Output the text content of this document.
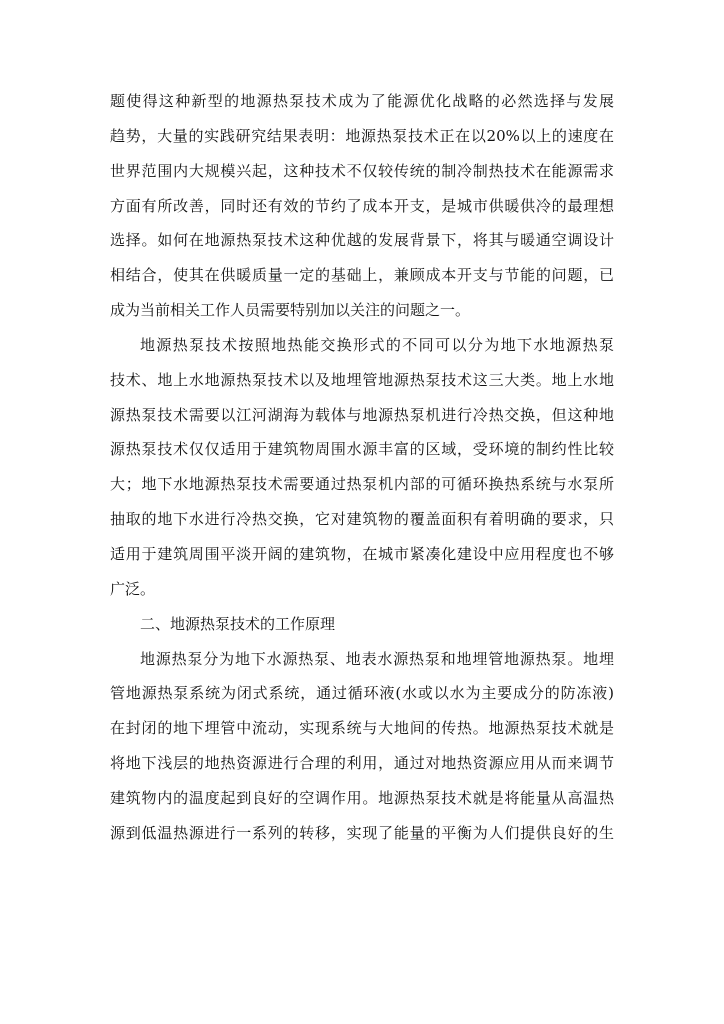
题使得这种新型的地源热泵技术成为了能源优化战略的必然选择与发展
趋势，大量的实践研究结果表明：地源热泵技术正在以20%以上的速度在
世界范围内大规模兴起，这种技术不仅较传统的制冷制热技术在能源需求
方面有所改善，同时还有效的节约了成本开支，是城市供暖供冷的最理想
选择。如何在地源热泵技术这种优越的发展背景下，将其与暖通空调设计
相结合，使其在供暖质量一定的基础上，兼顾成本开支与节能的问题，已
成为当前相关工作人员需要特别加以关注的问题之一。
地源热泵技术按照地热能交换形式的不同可以分为地下水地源热泵
技术、地上水地源热泵技术以及地埋管地源热泵技术这三大类。地上水地
源热泵技术需要以江河湖海为载体与地源热泵机进行冷热交换，但这种地
源热泵技术仅仅适用于建筑物周围水源丰富的区域，受环境的制约性比较
大；地下水地源热泵技术需要通过热泵机内部的可循环换热系统与水泵所
抽取的地下水进行冷热交换，它对建筑物的覆盖面积有着明确的要求，只
适用于建筑周围平淡开阔的建筑物，在城市紧凑化建设中应用程度也不够
广泛。
二、地源热泵技术的工作原理
地源热泵分为地下水源热泵、地表水源热泵和地埋管地源热泵。地埋
管地源热泵系统为闭式系统，通过循环液(水或以水为主要成分的防冻液)
在封闭的地下埋管中流动，实现系统与大地间的传热。地源热泵技术就是
将地下浅层的地热资源进行合理的利用，通过对地热资源应用从而来调节
建筑物内的温度起到良好的空调作用。地源热泵技术就是将能量从高温热
源到低温热源进行一系列的转移，实现了能量的平衡为人们提供良好的生
